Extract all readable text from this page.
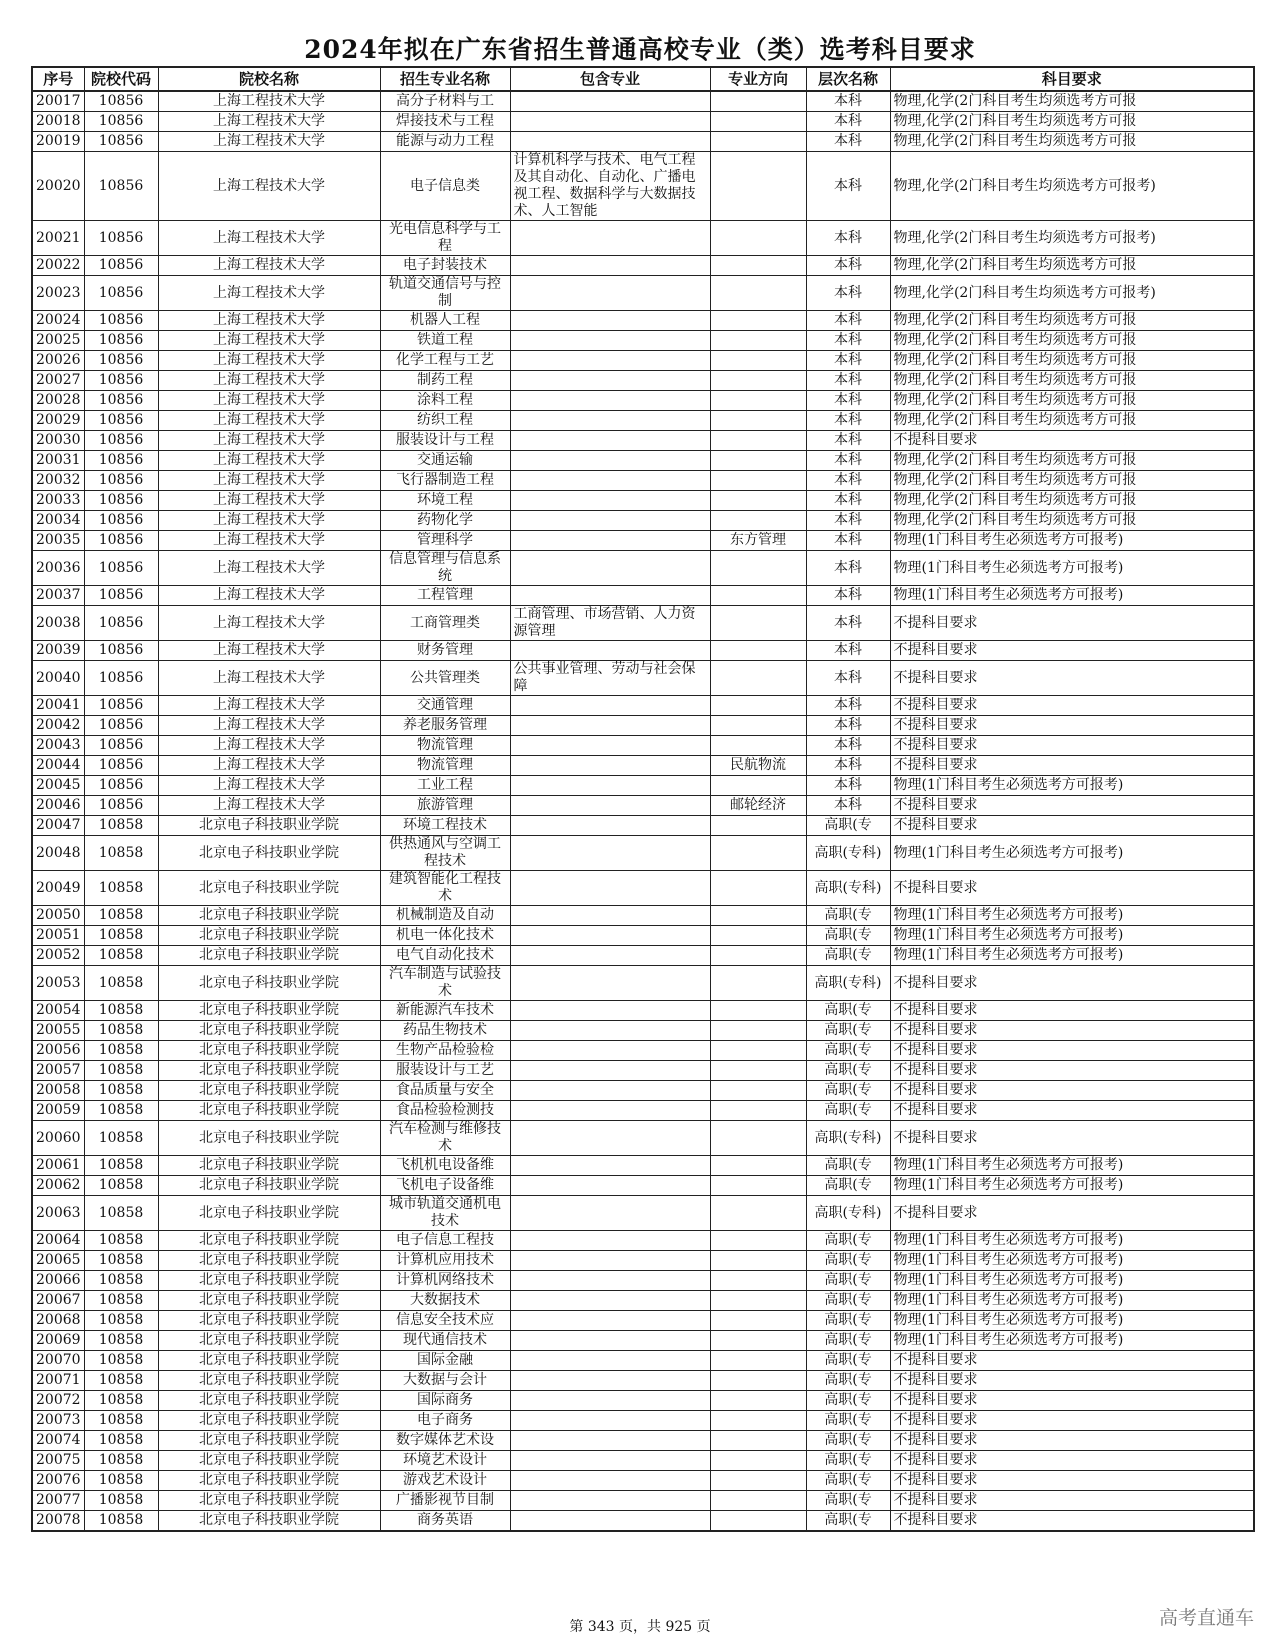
2024年拟在广东省招生普通高校专业（类）选考科目要求
序号	院校代码	院校名称	招生专业名称	包含专业	专业方向	层次名称	科目要求
20017	10856	上海工程技术大学	高分子材料与工			本科	物理,化学(2门科目考生均须选考方可报
20018	10856	上海工程技术大学	焊接技术与工程			本科	物理,化学(2门科目考生均须选考方可报
20019	10856	上海工程技术大学	能源与动力工程			本科	物理,化学(2门科目考生均须选考方可报
20020	10856	上海工程技术大学	电子信息类	计算机科学与技术、电气工程及其自动化、自动化、广播电视工程、数据科学与大数据技术、人工智能		本科	物理,化学(2门科目考生均须选考方可报考)
20021	10856	上海工程技术大学	光电信息科学与工程			本科	物理,化学(2门科目考生均须选考方可报考)
20022	10856	上海工程技术大学	电子封装技术			本科	物理,化学(2门科目考生均须选考方可报
20023	10856	上海工程技术大学	轨道交通信号与控制			本科	物理,化学(2门科目考生均须选考方可报考)
20024	10856	上海工程技术大学	机器人工程			本科	物理,化学(2门科目考生均须选考方可报
20025	10856	上海工程技术大学	铁道工程			本科	物理,化学(2门科目考生均须选考方可报
20026	10856	上海工程技术大学	化学工程与工艺			本科	物理,化学(2门科目考生均须选考方可报
20027	10856	上海工程技术大学	制药工程			本科	物理,化学(2门科目考生均须选考方可报
20028	10856	上海工程技术大学	涂料工程			本科	物理,化学(2门科目考生均须选考方可报
20029	10856	上海工程技术大学	纺织工程			本科	物理,化学(2门科目考生均须选考方可报
20030	10856	上海工程技术大学	服装设计与工程			本科	不提科目要求
20031	10856	上海工程技术大学	交通运输			本科	物理,化学(2门科目考生均须选考方可报
20032	10856	上海工程技术大学	飞行器制造工程			本科	物理,化学(2门科目考生均须选考方可报
20033	10856	上海工程技术大学	环境工程			本科	物理,化学(2门科目考生均须选考方可报
20034	10856	上海工程技术大学	药物化学			本科	物理,化学(2门科目考生均须选考方可报
20035	10856	上海工程技术大学	管理科学		东方管理	本科	物理(1门科目考生必须选考方可报考)
20036	10856	上海工程技术大学	信息管理与信息系统			本科	物理(1门科目考生必须选考方可报考)
20037	10856	上海工程技术大学	工程管理			本科	物理(1门科目考生必须选考方可报考)
20038	10856	上海工程技术大学	工商管理类	工商管理、市场营销、人力资源管理		本科	不提科目要求
20039	10856	上海工程技术大学	财务管理			本科	不提科目要求
20040	10856	上海工程技术大学	公共管理类	公共事业管理、劳动与社会保障		本科	不提科目要求
20041	10856	上海工程技术大学	交通管理			本科	不提科目要求
20042	10856	上海工程技术大学	养老服务管理			本科	不提科目要求
20043	10856	上海工程技术大学	物流管理			本科	不提科目要求
20044	10856	上海工程技术大学	物流管理		民航物流	本科	不提科目要求
20045	10856	上海工程技术大学	工业工程			本科	物理(1门科目考生必须选考方可报考)
20046	10856	上海工程技术大学	旅游管理		邮轮经济	本科	不提科目要求
20047	10858	北京电子科技职业学院	环境工程技术			高职(专	不提科目要求
20048	10858	北京电子科技职业学院	供热通风与空调工程技术			高职(专科)	物理(1门科目考生必须选考方可报考)
20049	10858	北京电子科技职业学院	建筑智能化工程技术			高职(专科)	不提科目要求
20050	10858	北京电子科技职业学院	机械制造及自动			高职(专	物理(1门科目考生必须选考方可报考)
20051	10858	北京电子科技职业学院	机电一体化技术			高职(专	物理(1门科目考生必须选考方可报考)
20052	10858	北京电子科技职业学院	电气自动化技术			高职(专	物理(1门科目考生必须选考方可报考)
20053	10858	北京电子科技职业学院	汽车制造与试验技术			高职(专科)	不提科目要求
20054	10858	北京电子科技职业学院	新能源汽车技术			高职(专	不提科目要求
20055	10858	北京电子科技职业学院	药品生物技术			高职(专	不提科目要求
20056	10858	北京电子科技职业学院	生物产品检验检			高职(专	不提科目要求
20057	10858	北京电子科技职业学院	服装设计与工艺			高职(专	不提科目要求
20058	10858	北京电子科技职业学院	食品质量与安全			高职(专	不提科目要求
20059	10858	北京电子科技职业学院	食品检验检测技			高职(专	不提科目要求
20060	10858	北京电子科技职业学院	汽车检测与维修技术			高职(专科)	不提科目要求
20061	10858	北京电子科技职业学院	飞机机电设备维			高职(专	物理(1门科目考生必须选考方可报考)
20062	10858	北京电子科技职业学院	飞机电子设备维			高职(专	物理(1门科目考生必须选考方可报考)
20063	10858	北京电子科技职业学院	城市轨道交通机电技术			高职(专科)	不提科目要求
20064	10858	北京电子科技职业学院	电子信息工程技			高职(专	物理(1门科目考生必须选考方可报考)
20065	10858	北京电子科技职业学院	计算机应用技术			高职(专	物理(1门科目考生必须选考方可报考)
20066	10858	北京电子科技职业学院	计算机网络技术			高职(专	物理(1门科目考生必须选考方可报考)
20067	10858	北京电子科技职业学院	大数据技术			高职(专	物理(1门科目考生必须选考方可报考)
20068	10858	北京电子科技职业学院	信息安全技术应			高职(专	物理(1门科目考生必须选考方可报考)
20069	10858	北京电子科技职业学院	现代通信技术			高职(专	物理(1门科目考生必须选考方可报考)
20070	10858	北京电子科技职业学院	国际金融			高职(专	不提科目要求
20071	10858	北京电子科技职业学院	大数据与会计			高职(专	不提科目要求
20072	10858	北京电子科技职业学院	国际商务			高职(专	不提科目要求
20073	10858	北京电子科技职业学院	电子商务			高职(专	不提科目要求
20074	10858	北京电子科技职业学院	数字媒体艺术设			高职(专	不提科目要求
20075	10858	北京电子科技职业学院	环境艺术设计			高职(专	不提科目要求
20076	10858	北京电子科技职业学院	游戏艺术设计			高职(专	不提科目要求
20077	10858	北京电子科技职业学院	广播影视节目制			高职(专	不提科目要求
20078	10858	北京电子科技职业学院	商务英语			高职(专	不提科目要求
第 343 页，共 925 页	高考直通车
